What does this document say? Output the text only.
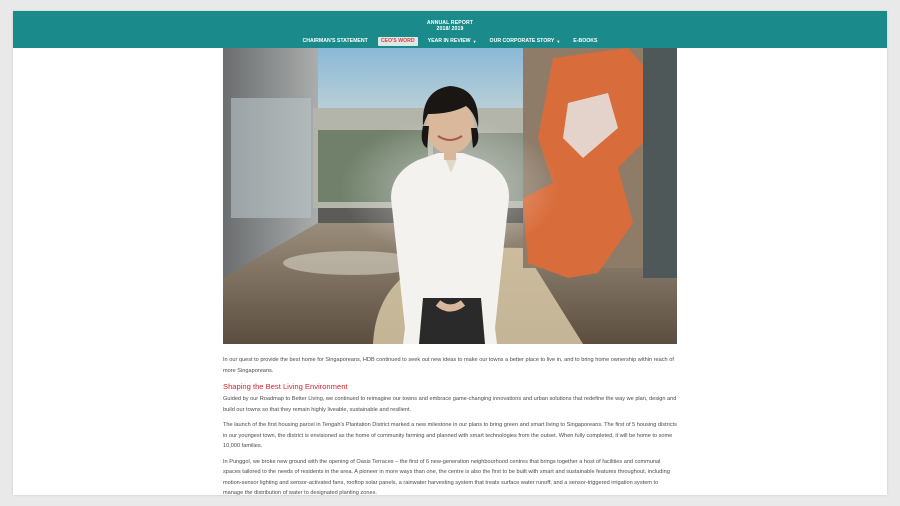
ANNUAL REPORT
2018/ 2019
CHAIRMAN'S STATEMENT	CEO'S WORD	YEAR IN REVIEW ▼	OUR CORPORATE STORY ▼	E-BOOKS

In our quest to provide the best home for Singaporeans, HDB continued to seek out new ideas to make our towns a better place to live in, and to bring home ownership within reach of more Singaporeans.

Shaping the Best Living Environment

Guided by our Roadmap to Better Living, we continued to reimagine our towns and embrace game-changing innovations and urban solutions that redefine the way we plan, design and build our towns so that they remain highly liveable, sustainable and resilient.

The launch of the first housing parcel in Tengah's Plantation District marked a new milestone in our plans to bring green and smart living to Singaporeans. The first of 5 housing districts in our youngest town, the district is envisioned as the home of community farming and planned with smart technologies from the outset. When fully completed, it will be home to some 10,000 families.

In Punggol, we broke new ground with the opening of Oasis Terraces – the first of 6 new-generation neighbourhood centres that brings together a host of facilities and communal spaces tailored to the needs of residents in the area. A pioneer in more ways than one, the centre is also the first to be built with smart and sustainable features throughout, including motion-sensor lighting and sensor-activated fans, rooftop solar panels, a rainwater harvesting system that treats surface water runoff, and a sensor-triggered irrigation system to manage the distribution of water to designated planting zones.
